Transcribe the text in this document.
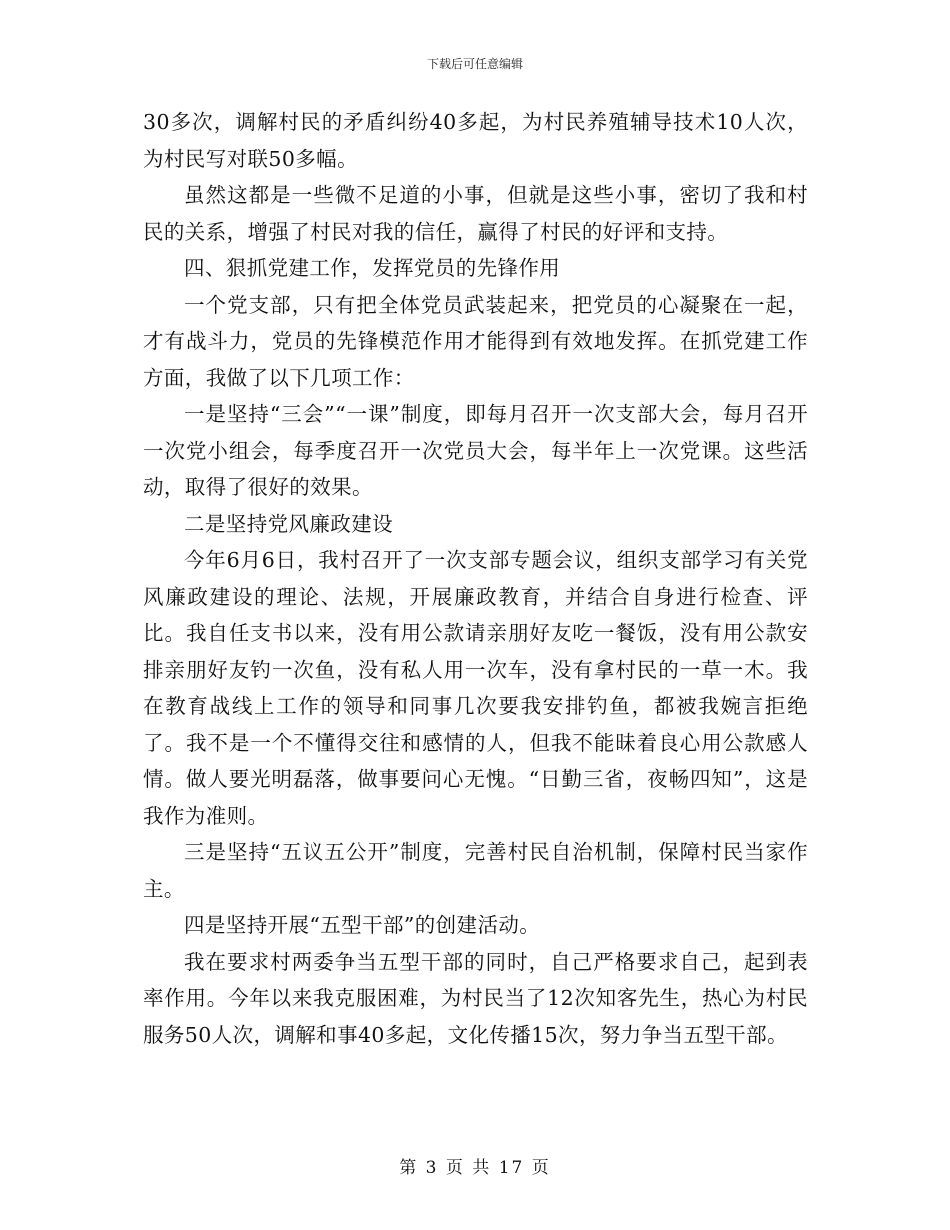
下载后可任意编辑

30多次，调解村民的矛盾纠纷40多起，为村民养殖辅导技术10人次，为村民写对联50多幅。

虽然这都是一些微不足道的小事，但就是这些小事，密切了我和村民的关系，增强了村民对我的信任，赢得了村民的好评和支持。

四、狠抓党建工作，发挥党员的先锋作用

一个党支部，只有把全体党员武装起来，把党员的心凝聚在一起，才有战斗力，党员的先锋模范作用才能得到有效地发挥。在抓党建工作方面，我做了以下几项工作：

一是坚持“三会”“一课”制度，即每月召开一次支部大会，每月召开一次党小组会，每季度召开一次党员大会，每半年上一次党课。这些活动，取得了很好的效果。

二是坚持党风廉政建设

今年6月6日，我村召开了一次支部专题会议，组织支部学习有关党风廉政建设的理论、法规，开展廉政教育，并结合自身进行检查、评比。我自任支书以来，没有用公款请亲朋好友吃一餐饭，没有用公款安排亲朋好友钓一次鱼，没有私人用一次车，没有拿村民的一草一木。我在教育战线上工作的领导和同事几次要我安排钓鱼，都被我婉言拒绝了。我不是一个不懂得交往和感情的人，但我不能昧着良心用公款感人情。做人要光明磊落，做事要问心无愧。“日勤三省，夜畅四知”，这是我作为准则。

三是坚持“五议五公开”制度，完善村民自治机制，保障村民当家作主。

四是坚持开展“五型干部”的创建活动。

我在要求村两委争当五型干部的同时，自己严格要求自己，起到表率作用。今年以来我克服困难，为村民当了12次知客先生，热心为村民服务50人次，调解和事40多起，文化传播15次，努力争当五型干部。

第 3 页 共 17 页
